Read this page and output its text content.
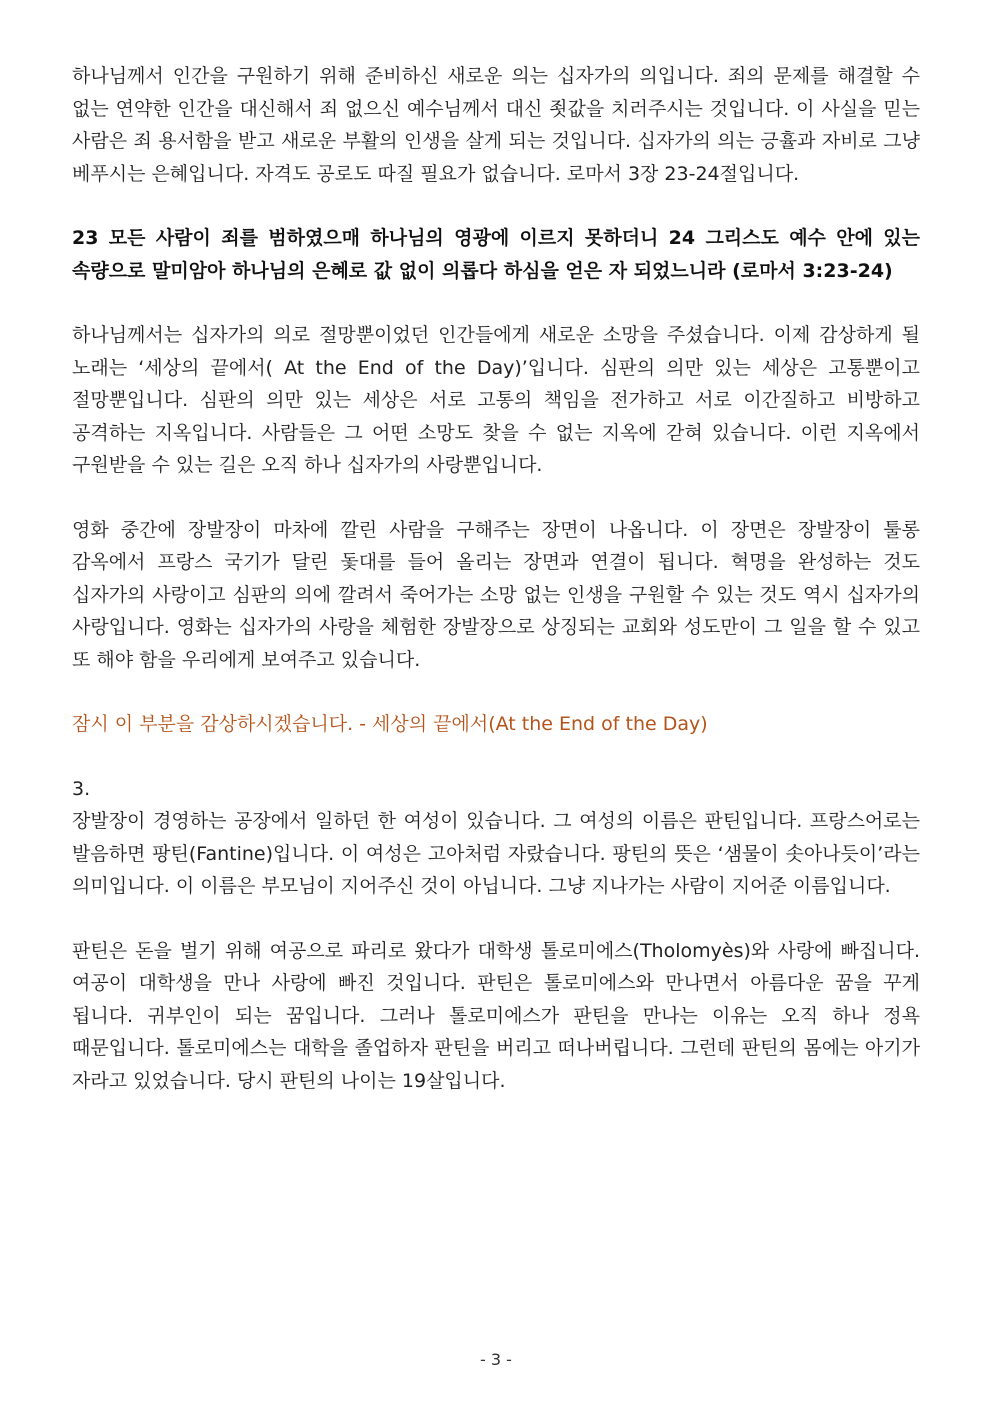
하나님께서 인간을 구원하기 위해 준비하신 새로운 의는 십자가의 의입니다. 죄의 문제를 해결할 수 없는 연약한 인간을 대신해서 죄 없으신 예수님께서 대신 죗값을 치러주시는 것입니다. 이 사실을 믿는 사람은 죄 용서함을 받고 새로운 부활의 인생을 살게 되는 것입니다. 십자가의 의는 긍휼과 자비로 그냥 베푸시는 은혜입니다. 자격도 공로도 따질 필요가 없습니다. 로마서 3장 23-24절입니다.

23 모든 사람이 죄를 범하였으매 하나님의 영광에 이르지 못하더니 24 그리스도 예수 안에 있는 속량으로 말미암아 하나님의 은혜로 값 없이 의롭다 하심을 얻은 자 되었느니라 (로마서 3:23-24)

하나님께서는 십자가의 의로 절망뿐이었던 인간들에게 새로운 소망을 주셨습니다. 이제 감상하게 될 노래는 ‘세상의 끝에서( At the End of the Day)’입니다. 심판의 의만 있는 세상은 고통뿐이고 절망뿐입니다. 심판의 의만 있는 세상은 서로 고통의 책임을 전가하고 서로 이간질하고 비방하고 공격하는 지옥입니다. 사람들은 그 어떤 소망도 찾을 수 없는 지옥에 갇혀 있습니다. 이런 지옥에서 구원받을 수 있는 길은 오직 하나 십자가의 사랑뿐입니다.

영화 중간에 장발장이 마차에 깔린 사람을 구해주는 장면이 나옵니다. 이 장면은 장발장이 툴롱 감옥에서 프랑스 국기가 달린 돛대를 들어 올리는 장면과 연결이 됩니다. 혁명을 완성하는 것도 십자가의 사랑이고 심판의 의에 깔려서 죽어가는 소망 없는 인생을 구원할 수 있는 것도 역시 십자가의 사랑입니다. 영화는 십자가의 사랑을 체험한 장발장으로 상징되는 교회와 성도만이 그 일을 할 수 있고 또 해야 함을 우리에게 보여주고 있습니다.

잠시 이 부분을 감상하시겠습니다. - 세상의 끝에서(At the End of the Day)

3.

장발장이 경영하는 공장에서 일하던 한 여성이 있습니다. 그 여성의 이름은 판틴입니다. 프랑스어로는 발음하면 팡틴(Fantine)입니다. 이 여성은 고아처럼 자랐습니다. 팡틴의 뜻은 ‘샘물이 솟아나듯이’라는 의미입니다. 이 이름은 부모님이 지어주신 것이 아닙니다. 그냥 지나가는 사람이 지어준 이름입니다.

판틴은 돈을 벌기 위해 여공으로 파리로 왔다가 대학생 톨로미에스(Tholomyès)와 사랑에 빠집니다. 여공이 대학생을 만나 사랑에 빠진 것입니다. 판틴은 톨로미에스와 만나면서 아름다운 꿈을 꾸게 됩니다. 귀부인이 되는 꿈입니다. 그러나 톨로미에스가 판틴을 만나는 이유는 오직 하나 정욕 때문입니다. 톨로미에스는 대학을 졸업하자 판틴을 버리고 떠나버립니다. 그런데 판틴의 몸에는 아기가 자라고 있었습니다. 당시 판틴의 나이는 19살입니다.

- 3 -
